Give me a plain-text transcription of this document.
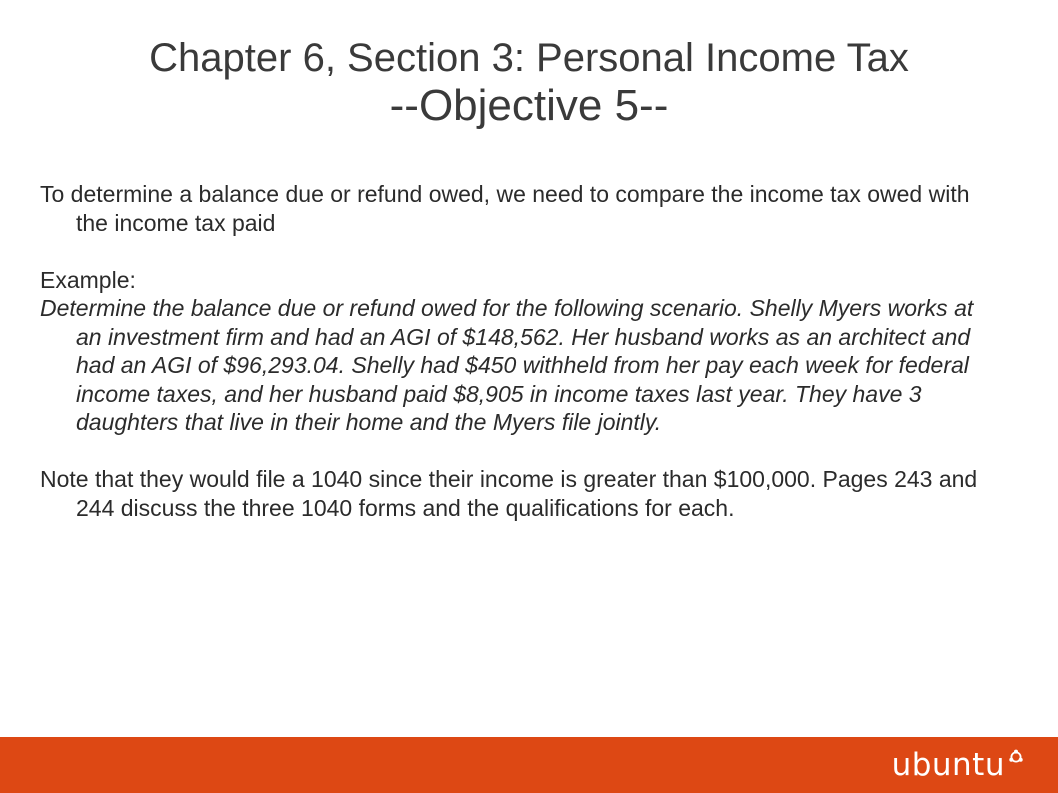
Chapter 6, Section 3: Personal Income Tax
--Objective 5--

To determine a balance due or refund owed, we need to compare the income tax owed with the income tax paid

Example:

Determine the balance due or refund owed for the following scenario. Shelly Myers works at an investment firm and had an AGI of $148,562. Her husband works as an architect and had an AGI of $96,293.04. Shelly had $450 withheld from her pay each week for federal income taxes, and her husband paid $8,905 in income taxes last year. They have 3 daughters that live in their home and the Myers file jointly.

Note that they would file a 1040 since their income is greater than $100,000. Pages 243 and 244 discuss the three 1040 forms and the qualifications for each.

ubuntu
